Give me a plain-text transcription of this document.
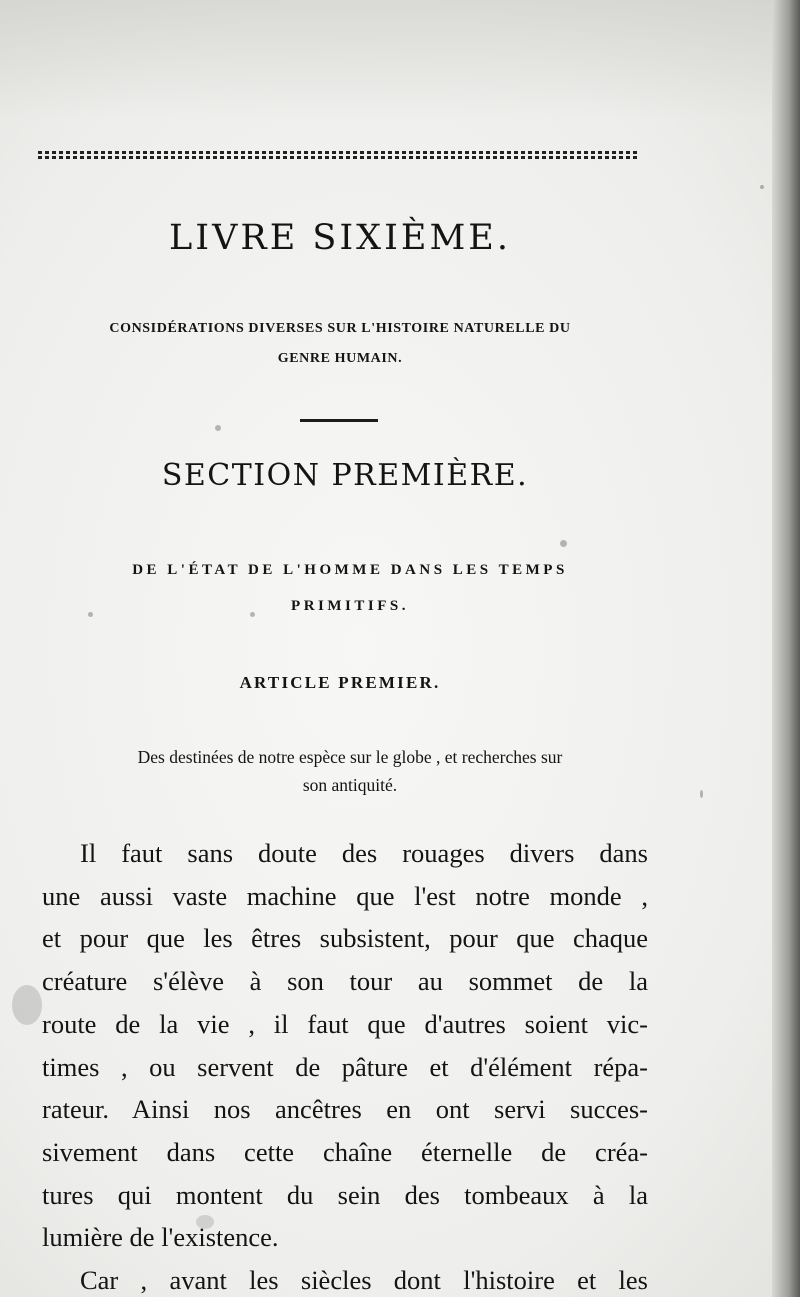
LIVRE SIXIÈME.

CONSIDÉRATIONS DIVERSES SUR L'HISTOIRE NATURELLE DU
GENRE HUMAIN.

SECTION PREMIÈRE.

DE L'ÉTAT DE L'HOMME DANS LES TEMPS
PRIMITIFS.

ARTICLE PREMIER.

Des destinées de notre espèce sur le globe , et recherches sur
son antiquité.

Il faut sans doute des rouages divers dans
une aussi vaste machine que l'est notre monde ,
et pour que les êtres subsistent, pour que chaque
créature s'élève à son tour au sommet de la
route de la vie , il faut que d'autres soient vic-
times , ou servent de pâture et d'élément répa-
rateur. Ainsi nos ancêtres en ont servi succes-
sivement dans cette chaîne éternelle de créa-
tures qui montent du sein des tombeaux à la
lumière de l'existence.
Car , avant les siècles dont l'histoire et les
